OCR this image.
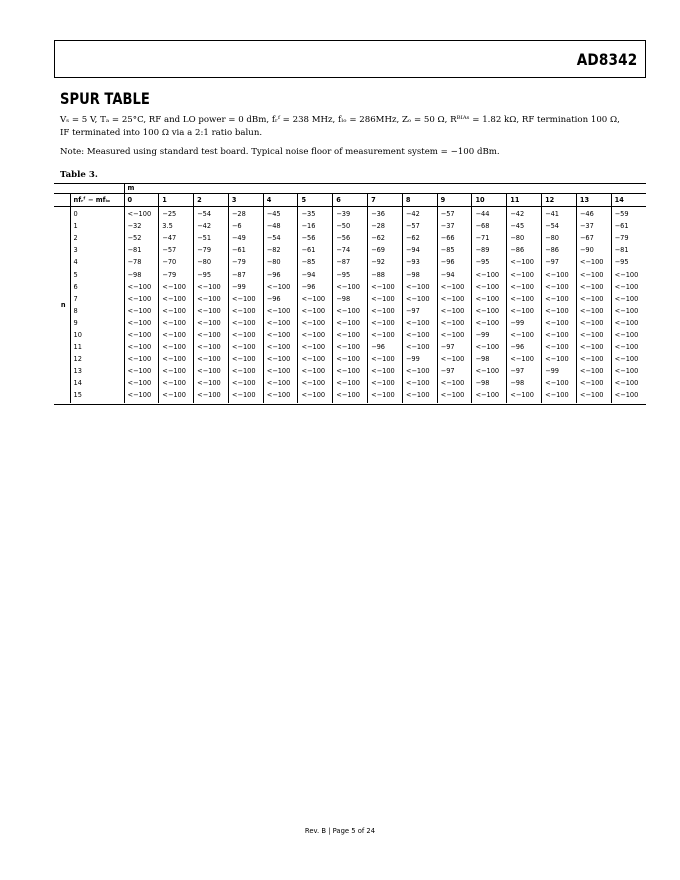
AD8342
SPUR TABLE
Vₛ = 5 V, Tₐ = 25°C, RF and LO power = 0 dBm, fᵣᶠ = 238 MHz, fₗₒ = 286MHz, Zₒ = 50 Ω, Rᴮᴵᴬˢ = 1.82 kΩ, RF termination 100 Ω,
IF terminated into 100 Ω via a 2:1 ratio balun.
Note: Measured using standard test board. Typical noise floor of measurement system = −100 dBm.
Table 3.
		m														
	nfᵣᶠ − mfₗₒ	0	1	2	3	4	5	6	7	8	9	10	11	12	13	14
n	0	<−100	−25	−54	−28	−45	−35	−39	−36	−42	−57	−44	−42	−41	−46	−59
	1	−32	3.5	−42	−6	−48	−16	−50	−28	−57	−37	−68	−45	−54	−37	−61
	2	−52	−47	−51	−49	−54	−56	−56	−62	−62	−66	−71	−80	−80	−67	−79
	3	−81	−57	−79	−61	−82	−61	−74	−69	−94	−85	−89	−86	−86	−90	−81
	4	−78	−70	−80	−79	−80	−85	−87	−92	−93	−96	−95	<−100	−97	<−100	−95
	5	−98	−79	−95	−87	−96	−94	−95	−88	−98	−94	<−100	<−100	<−100	<−100	<−100
	6	<−100	<−100	<−100	−99	<−100	−96	<−100	<−100	<−100	<−100	<−100	<−100	<−100	<−100	<−100
	7	<−100	<−100	<−100	<−100	−96	<−100	−98	<−100	<−100	<−100	<−100	<−100	<−100	<−100	<−100
	8	<−100	<−100	<−100	<−100	<−100	<−100	<−100	<−100	−97	<−100	<−100	<−100	<−100	<−100	<−100
	9	<−100	<−100	<−100	<−100	<−100	<−100	<−100	<−100	<−100	<−100	<−100	−99	<−100	<−100	<−100
	10	<−100	<−100	<−100	<−100	<−100	<−100	<−100	<−100	<−100	<−100	−99	<−100	<−100	<−100	<−100
	11	<−100	<−100	<−100	<−100	<−100	<−100	<−100	−96	<−100	−97	<−100	−96	<−100	<−100	<−100
	12	<−100	<−100	<−100	<−100	<−100	<−100	<−100	<−100	−99	<−100	−98	<−100	<−100	<−100	<−100
	13	<−100	<−100	<−100	<−100	<−100	<−100	<−100	<−100	<−100	−97	<−100	−97	−99	<−100	<−100
	14	<−100	<−100	<−100	<−100	<−100	<−100	<−100	<−100	<−100	<−100	−98	−98	<−100	<−100	<−100
	15	<−100	<−100	<−100	<−100	<−100	<−100	<−100	<−100	<−100	<−100	<−100	<−100	<−100	<−100	<−100
Rev. B | Page 5 of 24
